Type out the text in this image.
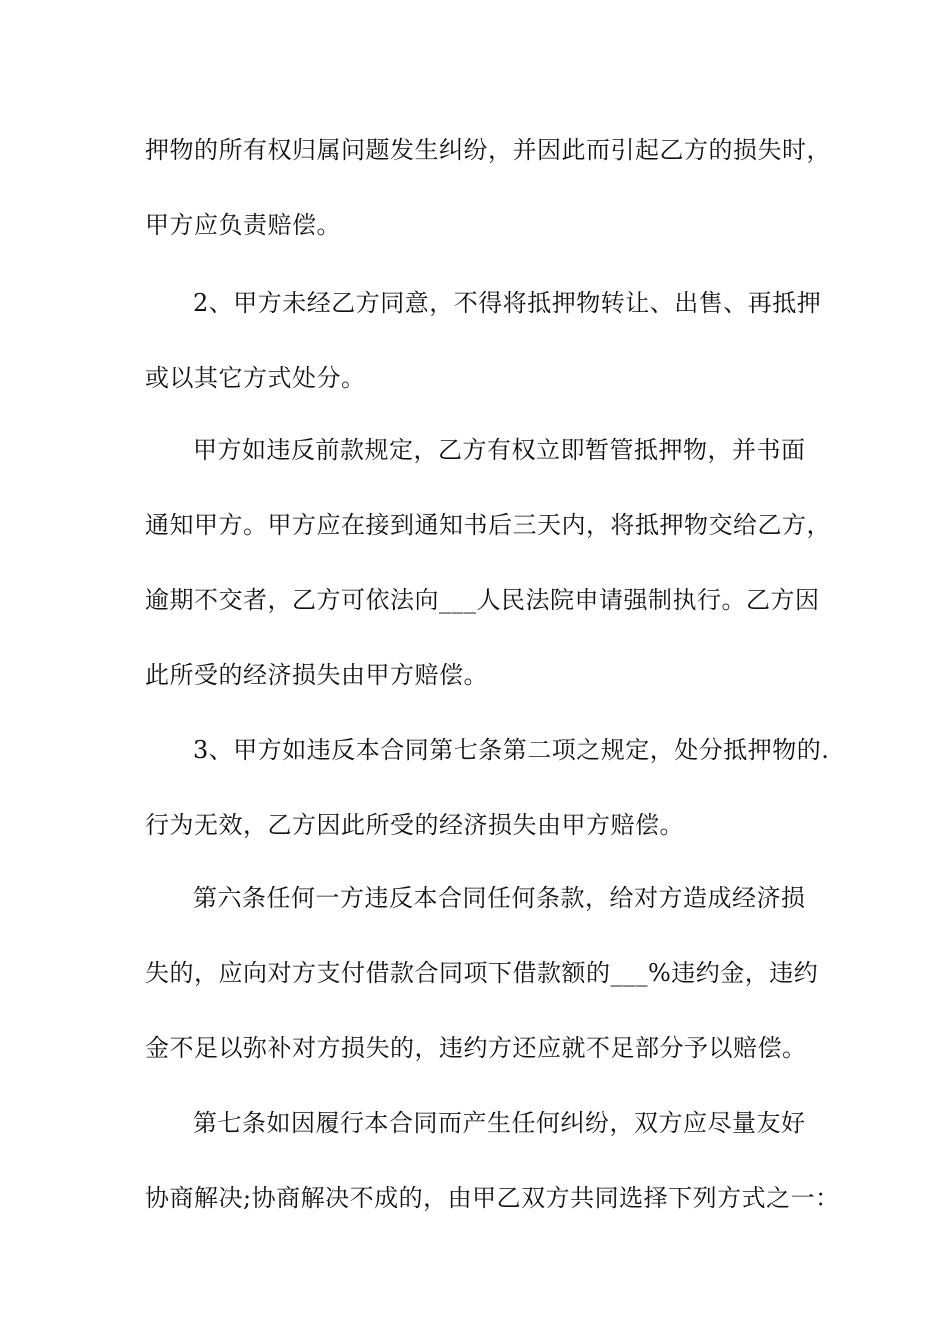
押物的所有权归属问题发生纠纷，并因此而引起乙方的损失时，
甲方应负责赔偿。
2、甲方未经乙方同意，不得将抵押物转让、出售、再抵押
或以其它方式处分。
甲方如违反前款规定，乙方有权立即暂管抵押物，并书面
通知甲方。甲方应在接到通知书后三天内，将抵押物交给乙方，
逾期不交者，乙方可依法向___人民法院申请强制执行。乙方因
此所受的经济损失由甲方赔偿。
3、甲方如违反本合同第七条第二项之规定，处分抵押物的.
行为无效，乙方因此所受的经济损失由甲方赔偿。
第六条任何一方违反本合同任何条款，给对方造成经济损
失的，应向对方支付借款合同项下借款额的___%违约金，违约
金不足以弥补对方损失的，违约方还应就不足部分予以赔偿。
第七条如因履行本合同而产生任何纠纷，双方应尽量友好
协商解决;协商解决不成的，由甲乙双方共同选择下列方式之一：
